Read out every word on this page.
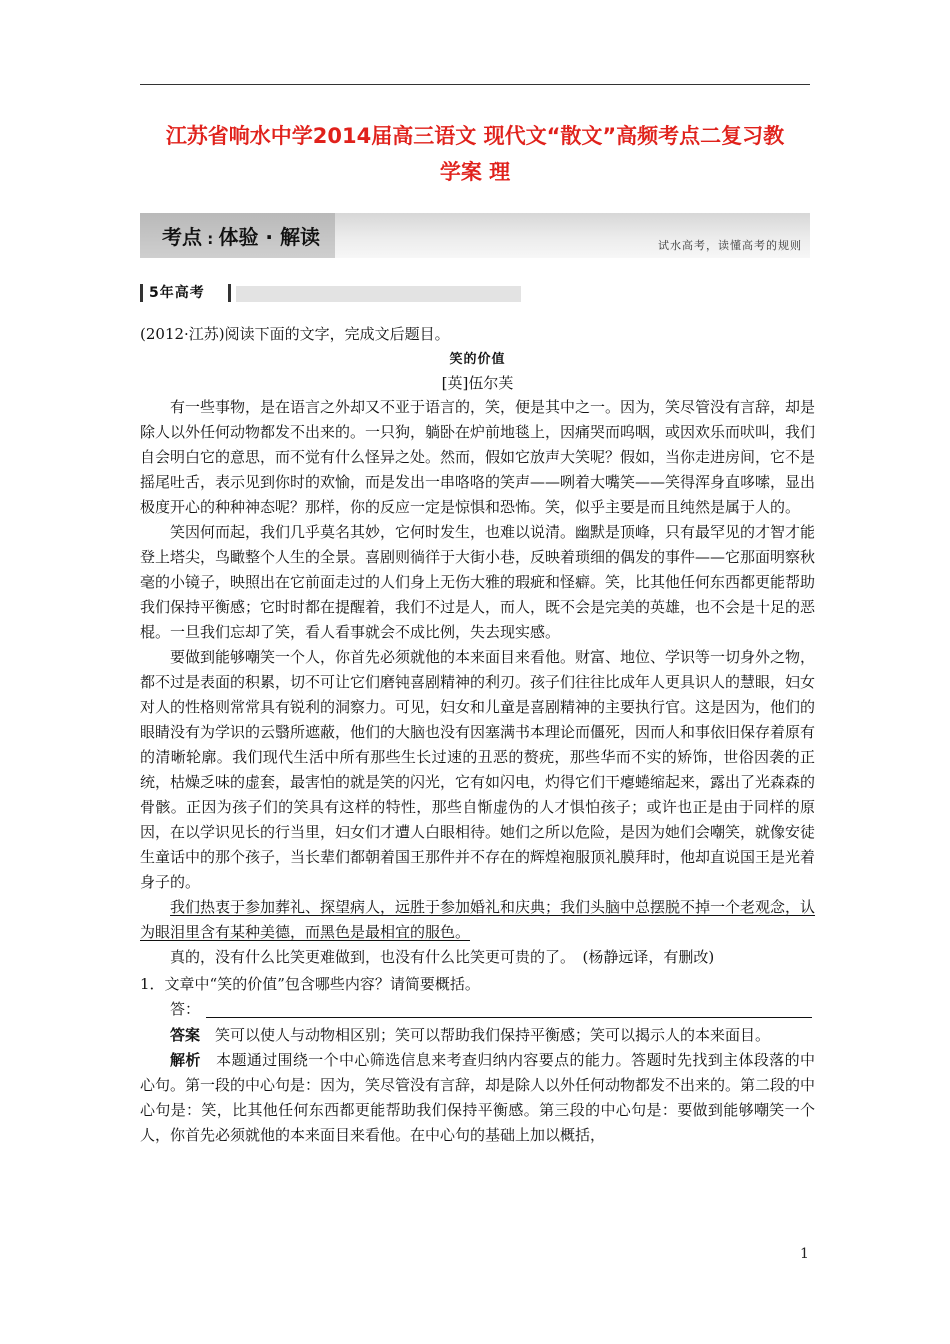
江苏省响水中学2014届高三语文 现代文“散文”高频考点二复习教
学案 理
考点 : 体验 · 解读	试水高考，读懂高考的规则
5年高考

(2012·江苏)阅读下面的文字，完成文后题目。

笑的价值

[英]伍尔芙

有一些事物，是在语言之外却又不亚于语言的，笑，便是其中之一。因为，笑尽管没有言辞，却是除人以外任何动物都发不出来的。一只狗，躺卧在炉前地毯上，因痛哭而呜咽，或因欢乐而吠叫，我们自会明白它的意思，而不觉有什么怪异之处。然而，假如它放声大笑呢？假如，当你走进房间，它不是摇尾吐舌，表示见到你时的欢愉，而是发出一串咯咯的笑声——咧着大嘴笑——笑得浑身直哆嗦，显出极度开心的种种神态呢？那样，你的反应一定是惊惧和恐怖。笑，似乎主要是而且纯然是属于人的。

笑因何而起，我们几乎莫名其妙，它何时发生，也难以说清。幽默是顶峰，只有最罕见的才智才能登上塔尖，鸟瞰整个人生的全景。喜剧则徜徉于大街小巷，反映着琐细的偶发的事件——它那面明察秋毫的小镜子，映照出在它前面走过的人们身上无伤大雅的瑕疵和怪癖。笑，比其他任何东西都更能帮助我们保持平衡感；它时时都在提醒着，我们不过是人，而人，既不会是完美的英雄，也不会是十足的恶棍。一旦我们忘却了笑，看人看事就会不成比例，失去现实感。

要做到能够嘲笑一个人，你首先必须就他的本来面目来看他。财富、地位、学识等一切身外之物，都不过是表面的积累，切不可让它们磨钝喜剧精神的利刃。孩子们往往比成年人更具识人的慧眼，妇女对人的性格则常常具有锐利的洞察力。可见，妇女和儿童是喜剧精神的主要执行官。这是因为，他们的眼睛没有为学识的云翳所遮蔽，他们的大脑也没有因塞满书本理论而僵死，因而人和事依旧保存着原有的清晰轮廓。我们现代生活中所有那些生长过速的丑恶的赘疣，那些华而不实的矫饰，世俗因袭的正统，枯燥乏味的虚套，最害怕的就是笑的闪光，它有如闪电，灼得它们干瘪蜷缩起来，露出了光森森的骨骸。正因为孩子们的笑具有这样的特性，那些自惭虚伪的人才惧怕孩子；或许也正是由于同样的原因，在以学识见长的行当里，妇女们才遭人白眼相待。她们之所以危险，是因为她们会嘲笑，就像安徒生童话中的那个孩子，当长辈们都朝着国王那件并不存在的辉煌袍服顶礼膜拜时，他却直说国王是光着身子的。

我们热衷于参加葬礼、探望病人，远胜于参加婚礼和庆典；我们头脑中总摆脱不掉一个老观念，认为眼泪里含有某种美德，而黑色是最相宜的服色。

真的，没有什么比笑更难做到，也没有什么比笑更可贵的了。　(杨静远译，有删改)

1．文章中“笑的价值”包含哪些内容？请简要概括。

答：

答案　笑可以使人与动物相区别；笑可以帮助我们保持平衡感；笑可以揭示人的本来面目。

解析　本题通过围绕一个中心筛选信息来考查归纳内容要点的能力。答题时先找到主体段落的中心句。第一段的中心句是：因为，笑尽管没有言辞，却是除人以外任何动物都发不出来的。第二段的中心句是：笑，比其他任何东西都更能帮助我们保持平衡感。第三段的中心句是：要做到能够嘲笑一个人，你首先必须就他的本来面目来看他。在中心句的基础上加以概括，

1
